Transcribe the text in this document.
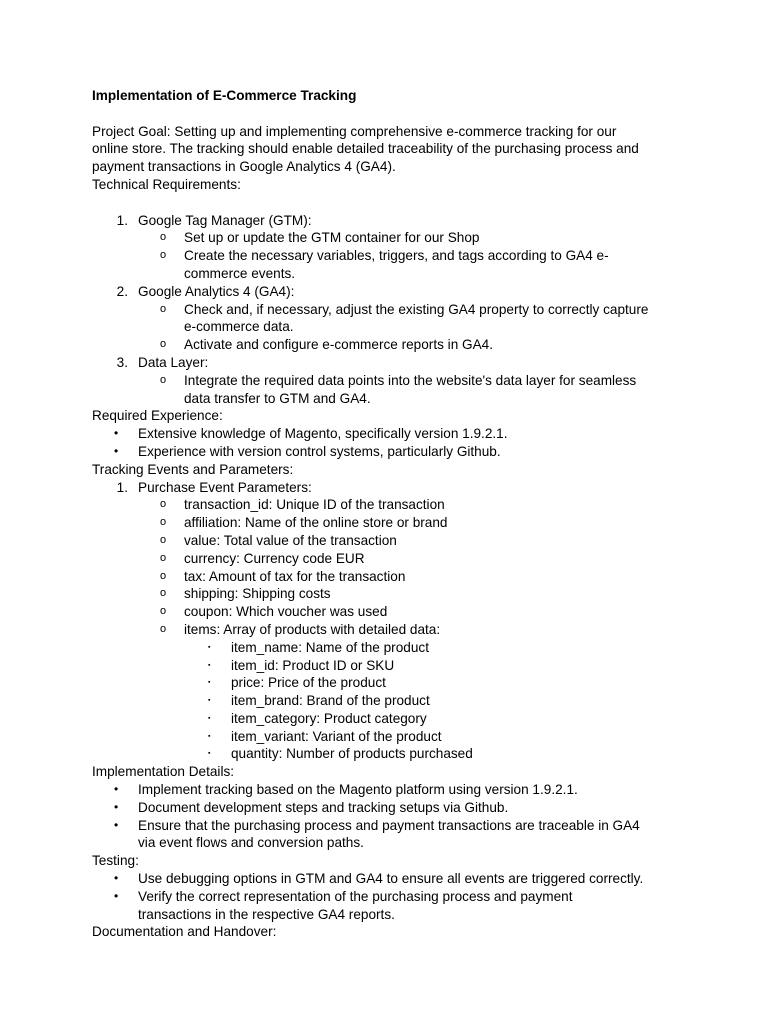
Implementation of E-Commerce Tracking
Project Goal: Setting up and implementing comprehensive e-commerce tracking for our
online store. The tracking should enable detailed traceability of the purchasing process and
payment transactions in Google Analytics 4 (GA4).
Technical Requirements:
1. Google Tag Manager (GTM):
o Set up or update the GTM container for our Shop
o Create the necessary variables, triggers, and tags according to GA4 e-
commerce events.
2. Google Analytics 4 (GA4):
o Check and, if necessary, adjust the existing GA4 property to correctly capture
e-commerce data.
o Activate and configure e-commerce reports in GA4.
3. Data Layer:
o Integrate the required data points into the website's data layer for seamless
data transfer to GTM and GA4.
Required Experience:
• Extensive knowledge of Magento, specifically version 1.9.2.1.
• Experience with version control systems, particularly Github.
Tracking Events and Parameters:
1. Purchase Event Parameters:
o transaction_id: Unique ID of the transaction
o affiliation: Name of the online store or brand
o value: Total value of the transaction
o currency: Currency code EUR
o tax: Amount of tax for the transaction
o shipping: Shipping costs
o coupon: Which voucher was used
o items: Array of products with detailed data:
▪ item_name: Name of the product
▪ item_id: Product ID or SKU
▪ price: Price of the product
▪ item_brand: Brand of the product
▪ item_category: Product category
▪ item_variant: Variant of the product
▪ quantity: Number of products purchased
Implementation Details:
• Implement tracking based on the Magento platform using version 1.9.2.1.
• Document development steps and tracking setups via Github.
• Ensure that the purchasing process and payment transactions are traceable in GA4
via event flows and conversion paths.
Testing:
• Use debugging options in GTM and GA4 to ensure all events are triggered correctly.
• Verify the correct representation of the purchasing process and payment
transactions in the respective GA4 reports.
Documentation and Handover:
